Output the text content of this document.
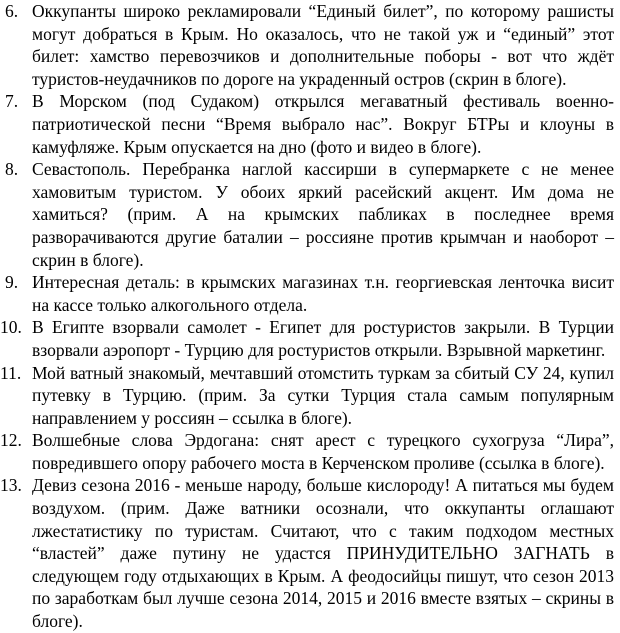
6. Оккупанты широко рекламировали “Единый билет”, по которому рашисты могут добраться в Крым. Но оказалось, что не такой уж и “единый” этот билет: хамство перевозчиков и дополнительные поборы - вот что ждёт туристов-неудачников по дороге на украденный остров (скрин в блоге).
7. В Морском (под Судаком) открылся мегаватный фестиваль военно-патриотической песни “Время выбрало нас”. Вокруг БТРы и клоуны в камуфляже. Крым опускается на дно (фото и видео в блоге).
8. Севастополь. Перебранка наглой кассирши в супермаркете с не менее хамовитым туристом. У обоих яркий расейский акцент. Им дома не хамиться? (прим. А на крымских пабликах в последнее время разворачиваются другие баталии – россияне против крымчан и наоборот – скрин в блоге).
9. Интересная деталь: в крымских магазинах т.н. георгиевская ленточка висит на кассе только алкогольного отдела.
10. В Египте взорвали самолет - Египет для ростуристов закрыли. В Турции взорвали аэропорт - Турцию для ростуристов открыли. Взрывной маркетинг.
11. Мой ватный знакомый, мечтавший отомстить туркам за сбитый СУ 24, купил путевку в Турцию. (прим. За сутки Турция стала самым популярным направлением у россиян – ссылка в блоге).
12. Волшебные слова Эрдогана: снят арест с турецкого сухогруза “Лира”, повредившего опору рабочего моста в Керченском проливе (ссылка в блоге).
13. Девиз сезона 2016 - меньше народу, больше кислороду! А питаться мы будем воздухом. (прим. Даже ватники осознали, что оккупанты оглашают лжестатистику по туристам. Считают, что с таким подходом местных “властей” даже путину не удастся ПРИНУДИТЕЛЬНО ЗАГНАТЬ в следующем году отдыхающих в Крым. А феодосийцы пишут, что сезон 2013 по заработкам был лучше сезона 2014, 2015 и 2016 вместе взятых – скрины в блоге).
